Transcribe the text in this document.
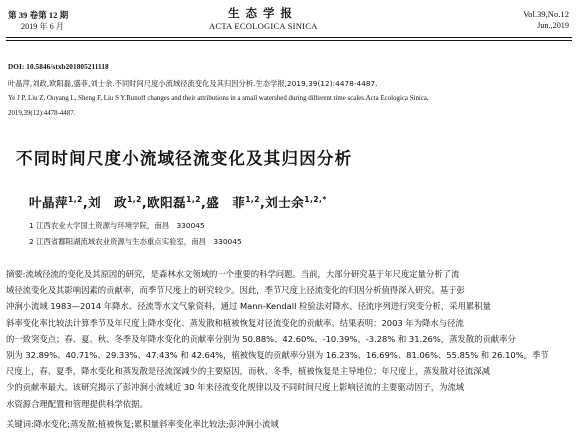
第 39 卷第 12 期
2019 年 6 月
生 态 学 报
ACTA ECOLOGICA SINICA
Vol.39,No.12
Jun.,2019
DOI: 10.5846/stxb201805211118
叶晶萍,刘政,欧阳磊,盛菲,刘士余.不同时间尺度小流域径流变化及其归因分析.生态学报,2019,39(12):4478-4487.
Ye J P, Liu Z, Ouyang L, Sheng F, Liu S Y.Runoff changes and their attributions in a small watershed during different time scales.Acta Ecologica Sinica,
2019,39(12):4478-4487.
不同时间尺度小流域径流变化及其归因分析
叶晶萍$^{1,2}$,刘　政$^{1,2}$,欧阳磊$^{1,2}$,盛　菲$^{1,2}$,刘士余$^{1,2,*}$
1 江西农业大学国土资源与环境学院，南昌　330045
2 江西省鄱阳湖流域农业资源与生态重点实验室，南昌　330045
摘要:流域径流的变化及其原因的研究，是森林水文领域的一个重要的科学问题。当前，大部分研究基于年尺度定量分析了流
域径流变化及其影响因素的贡献率，而季节尺度上的研究较少。因此，季节尺度上径流变化的归因分析值得深入研究。基于彭
冲涧小流域 1983—2014 年降水、径流等水文气象资料，通过 Mann-Kendall 检验法对降水、径流序列进行突变分析，采用累积量
斜率变化率比较法计算季节及年尺度上降水变化、蒸发散和植被恢复对径流变化的贡献率。结果表明：2003 年为降水与径流
的一致突变点；春、夏、秋、冬季及年降水变化的贡献率分别为 50.88%、42.60%、-10.39%、-3.28% 和 31.26%，蒸发散的贡献率分
别为 32.89%、40.71%、29.33%、47.43% 和 42.64%，植被恢复的贡献率分别为 16.23%、16.69%、81.06%、55.85% 和 26.10%。季节
尺度上，春、夏季，降水变化和蒸发散是径流深减少的主要原因，而秋、冬季，植被恢复是主导地位；年尺度上，蒸发散对径流深减
少的贡献率最大。该研究揭示了彭冲涧小流域近 30 年来径流变化规律以及不同时间尺度上影响径流的主要驱动因子，为流域
水资源合理配置和管理提供科学依据。
关键词:降水变化;蒸发散;植被恢复;累积量斜率变化率比较法;彭冲涧小流域
